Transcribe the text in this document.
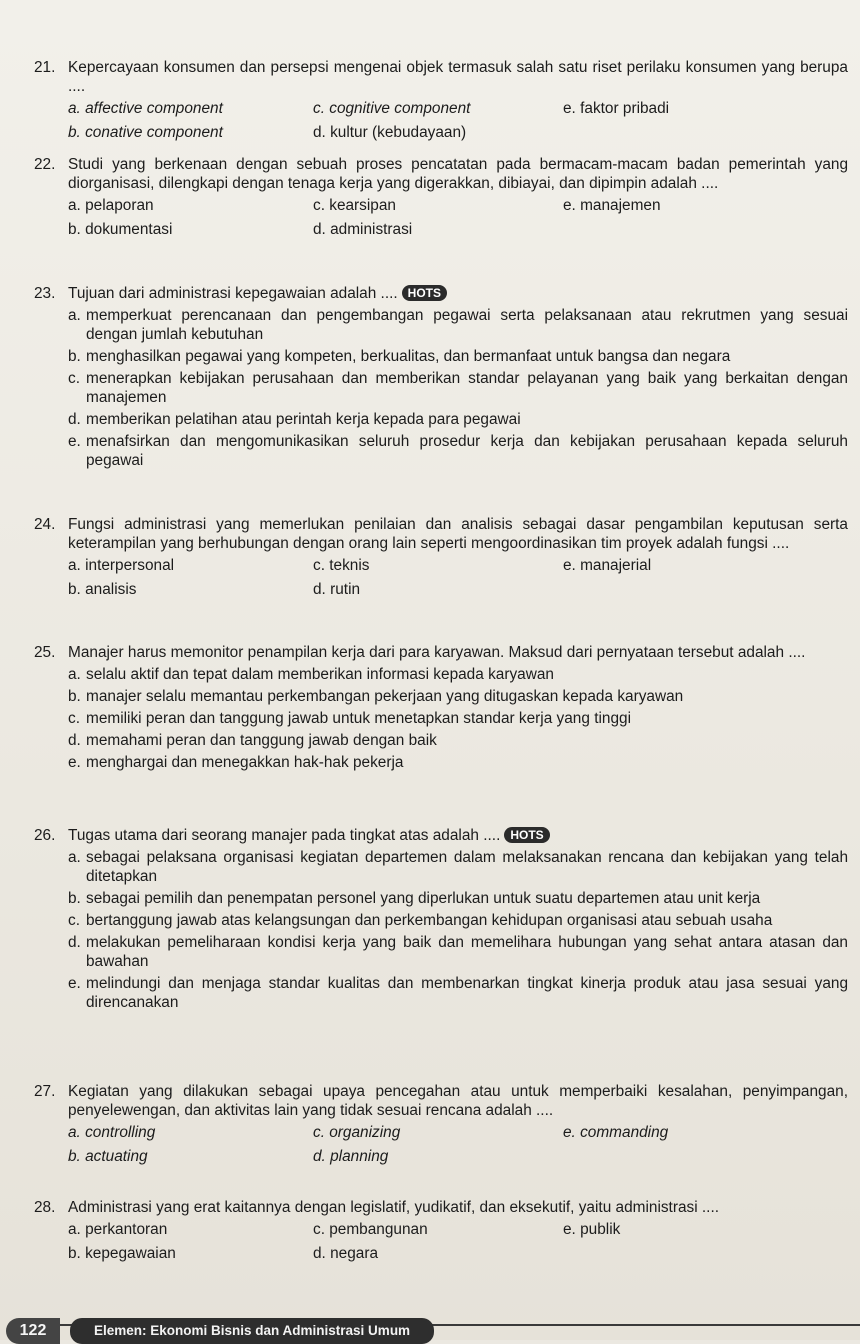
21. Kepercayaan konsumen dan persepsi mengenai objek termasuk salah satu riset perilaku konsumen yang berupa ....
a. affective component	c. cognitive component	e. faktor pribadi
b. conative component	d. kultur (kebudayaan)
22. Studi yang berkenaan dengan sebuah proses pencatatan pada bermacam-macam badan pemerintah yang diorganisasi, dilengkapi dengan tenaga kerja yang digerakkan, dibiayai, dan dipimpin adalah ....
a. pelaporan	c. kearsipan	e. manajemen
b. dokumentasi	d. administrasi
23. Tujuan dari administrasi kepegawaian adalah .... HOTS
a. memperkuat perencanaan dan pengembangan pegawai serta pelaksanaan atau rekrutmen yang sesuai dengan jumlah kebutuhan
b. menghasilkan pegawai yang kompeten, berkualitas, dan bermanfaat untuk bangsa dan negara
c. menerapkan kebijakan perusahaan dan memberikan standar pelayanan yang baik yang berkaitan dengan manajemen
d. memberikan pelatihan atau perintah kerja kepada para pegawai
e. menafsirkan dan mengomunikasikan seluruh prosedur kerja dan kebijakan perusahaan kepada seluruh pegawai
24. Fungsi administrasi yang memerlukan penilaian dan analisis sebagai dasar pengambilan keputusan serta keterampilan yang berhubungan dengan orang lain seperti mengoordinasikan tim proyek adalah fungsi ....
a. interpersonal	c. teknis	e. manajerial
b. analisis	d. rutin
25. Manajer harus memonitor penampilan kerja dari para karyawan. Maksud dari pernyataan tersebut adalah ....
a. selalu aktif dan tepat dalam memberikan informasi kepada karyawan
b. manajer selalu memantau perkembangan pekerjaan yang ditugaskan kepada karyawan
c. memiliki peran dan tanggung jawab untuk menetapkan standar kerja yang tinggi
d. memahami peran dan tanggung jawab dengan baik
e. menghargai dan menegakkan hak-hak pekerja
26. Tugas utama dari seorang manajer pada tingkat atas adalah .... HOTS
a. sebagai pelaksana organisasi kegiatan departemen dalam melaksanakan rencana dan kebijakan yang telah ditetapkan
b. sebagai pemilih dan penempatan personel yang diperlukan untuk suatu departemen atau unit kerja
c. bertanggung jawab atas kelangsungan dan perkembangan kehidupan organisasi atau sebuah usaha
d. melakukan pemeliharaan kondisi kerja yang baik dan memelihara hubungan yang sehat antara atasan dan bawahan
e. melindungi dan menjaga standar kualitas dan membenarkan tingkat kinerja produk atau jasa sesuai yang direncanakan
27. Kegiatan yang dilakukan sebagai upaya pencegahan atau untuk memperbaiki kesalahan, penyimpangan, penyelewengan, dan aktivitas lain yang tidak sesuai rencana adalah ....
a. controlling	c. organizing	e. commanding
b. actuating	d. planning
28. Administrasi yang erat kaitannya dengan legislatif, yudikatif, dan eksekutif, yaitu administrasi ....
a. perkantoran	c. pembangunan	e. publik
b. kepegawaian	d. negara
122	Elemen: Ekonomi Bisnis dan Administrasi Umum
